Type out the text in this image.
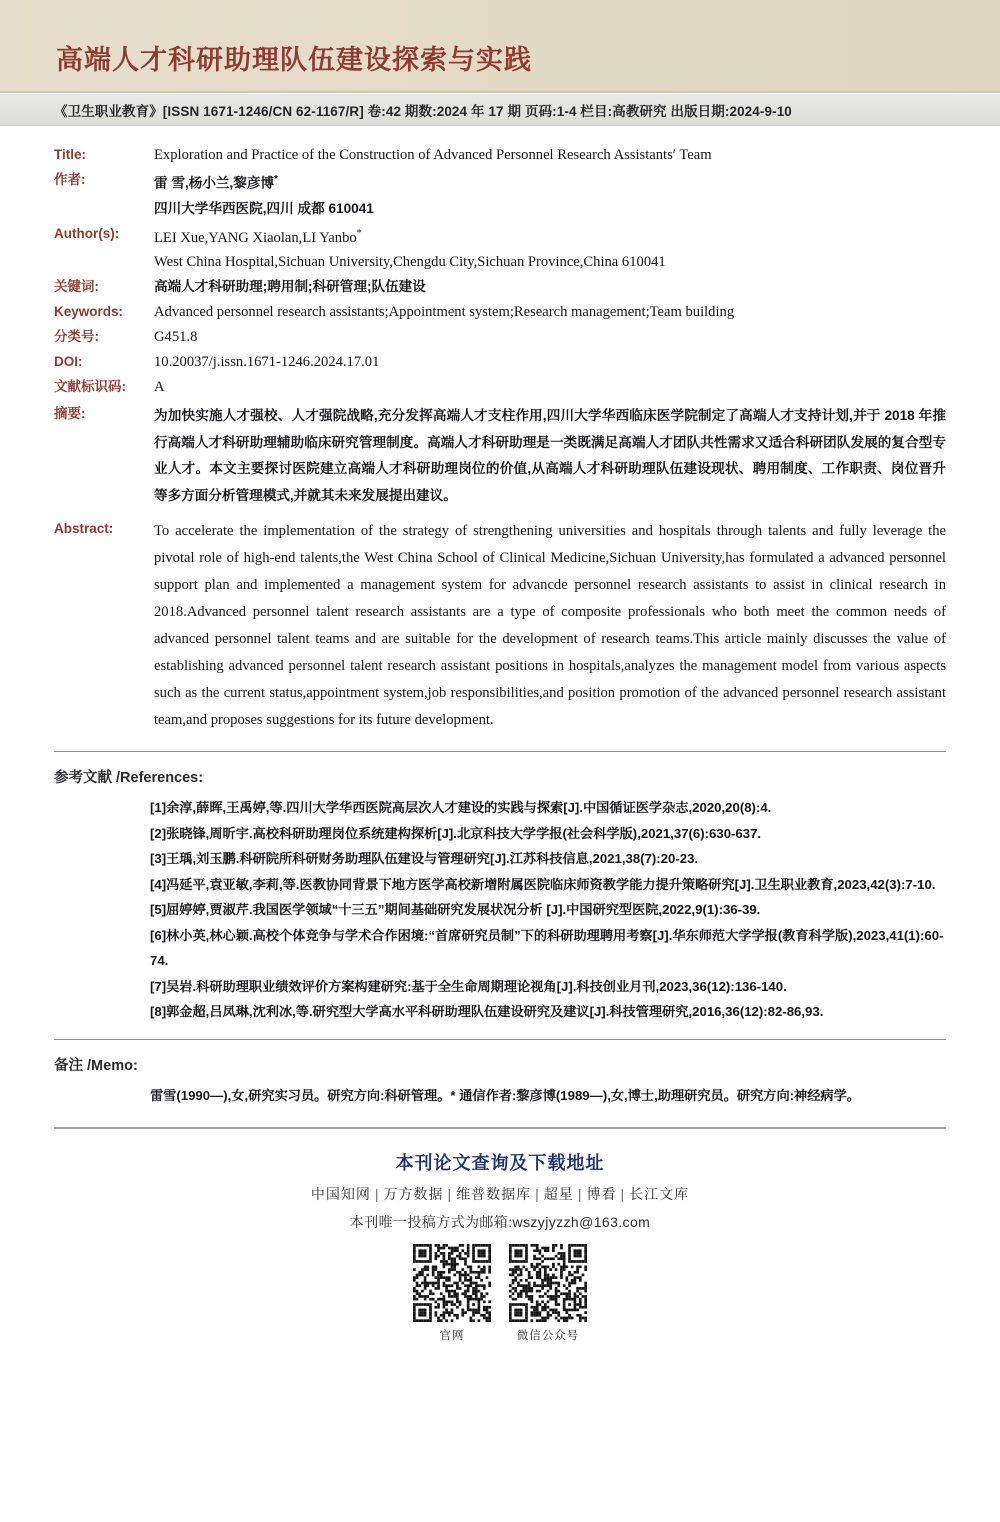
高端人才科研助理队伍建设探索与实践
《卫生职业教育》[ISSN 1671-1246/CN 62-1167/R] 卷:42 期数:2024 年 17 期 页码:1-4 栏目:高教研究 出版日期:2024-9-10
Title:	Exploration and Practice of the Construction of Advanced Personnel Research Assistants′ Team
作者:	雷 雪,杨小兰,黎彦博*
	四川大学华西医院,四川 成都 610041
Author(s):	LEI Xue,YANG Xiaolan,LI Yanbo*
	West China Hospital,Sichuan University,Chengdu City,Sichuan Province,China 610041
关键词:	高端人才科研助理;聘用制;科研管理;队伍建设
Keywords:	Advanced personnel research assistants;Appointment system;Research management;Team building
分类号:	G451.8
DOI:	10.20037/j.issn.1671-1246.2024.17.01
文献标识码:	A
摘要:	为加快实施人才强校、人才强院战略,充分发挥高端人才支柱作用,四川大学华西临床医学院制定了高端人才支持计划,并于 2018 年推行高端人才科研助理辅助临床研究管理制度。高端人才科研助理是一类既满足高端人才团队共性需求又适合科研团队发展的复合型专业人才。本文主要探讨医院建立高端人才科研助理岗位的价值,从高端人才科研助理队伍建设现状、聘用制度、工作职责、岗位晋升等多方面分析管理模式,并就其未来发展提出建议。
Abstract:	To accelerate the implementation of the strategy of strengthening universities and hospitals through talents and fully leverage the pivotal role of high-end talents,the West China School of Clinical Medicine,Sichuan University,has formulated a advanced personnel support plan and implemented a management system for advancde personnel research assistants to assist in clinical research in 2018.Advanced personnel talent research assistants are a type of composite professionals who both meet the common needs of advanced personnel talent teams and are suitable for the development of research teams.This article mainly discusses the value of establishing advanced personnel talent research assistant positions in hospitals,analyzes the management model from various aspects such as the current status,appointment system,job responsibilities,and position promotion of the advanced personnel research assistant team,and proposes suggestions for its future development.
参考文献 /References:
[1]余淳,薛晖,王禹婷,等.四川大学华西医院高层次人才建设的实践与探索[J].中国循证医学杂志,2020,20(8):4.
[2]张晓锋,周昕宇.高校科研助理岗位系统建构探析[J].北京科技大学学报(社会科学版),2021,37(6):630-637.
[3]王瑀,刘玉鹏.科研院所科研财务助理队伍建设与管理研究[J].江苏科技信息,2021,38(7):20-23.
[4]冯延平,袁亚敏,李莉,等.医教协同背景下地方医学高校新增附属医院临床师资教学能力提升策略研究[J].卫生职业教育,2023,42(3):7-10.
[5]屈婷婷,贾淑芹.我国医学领域“十三五”期间基础研究发展状况分析 [J].中国研究型医院,2022,9(1):36-39.
[6]林小英,林心颖.高校个体竞争与学术合作困境:“首席研究员制”下的科研助理聘用考察[J].华东师范大学学报(教育科学版),2023,41(1):60-74.
[7]吴岩.科研助理职业绩效评价方案构建研究:基于全生命周期理论视角[J].科技创业月刊,2023,36(12):136-140.
[8]郭金超,吕凤琳,沈利冰,等.研究型大学高水平科研助理队伍建设研究及建议[J].科技管理研究,2016,36(12):82-86,93.
备注 /Memo:
雷雪(1990—),女,研究实习员。研究方向:科研管理。* 通信作者:黎彦博(1989—),女,博士,助理研究员。研究方向:神经病学。
本刊论文查询及下载地址
中国知网 | 万方数据 | 维普数据库 | 超星 | 博看 | 长江文库
本刊唯一投稿方式为邮箱:wszyjyzzh@163.com
官网	微信公众号
